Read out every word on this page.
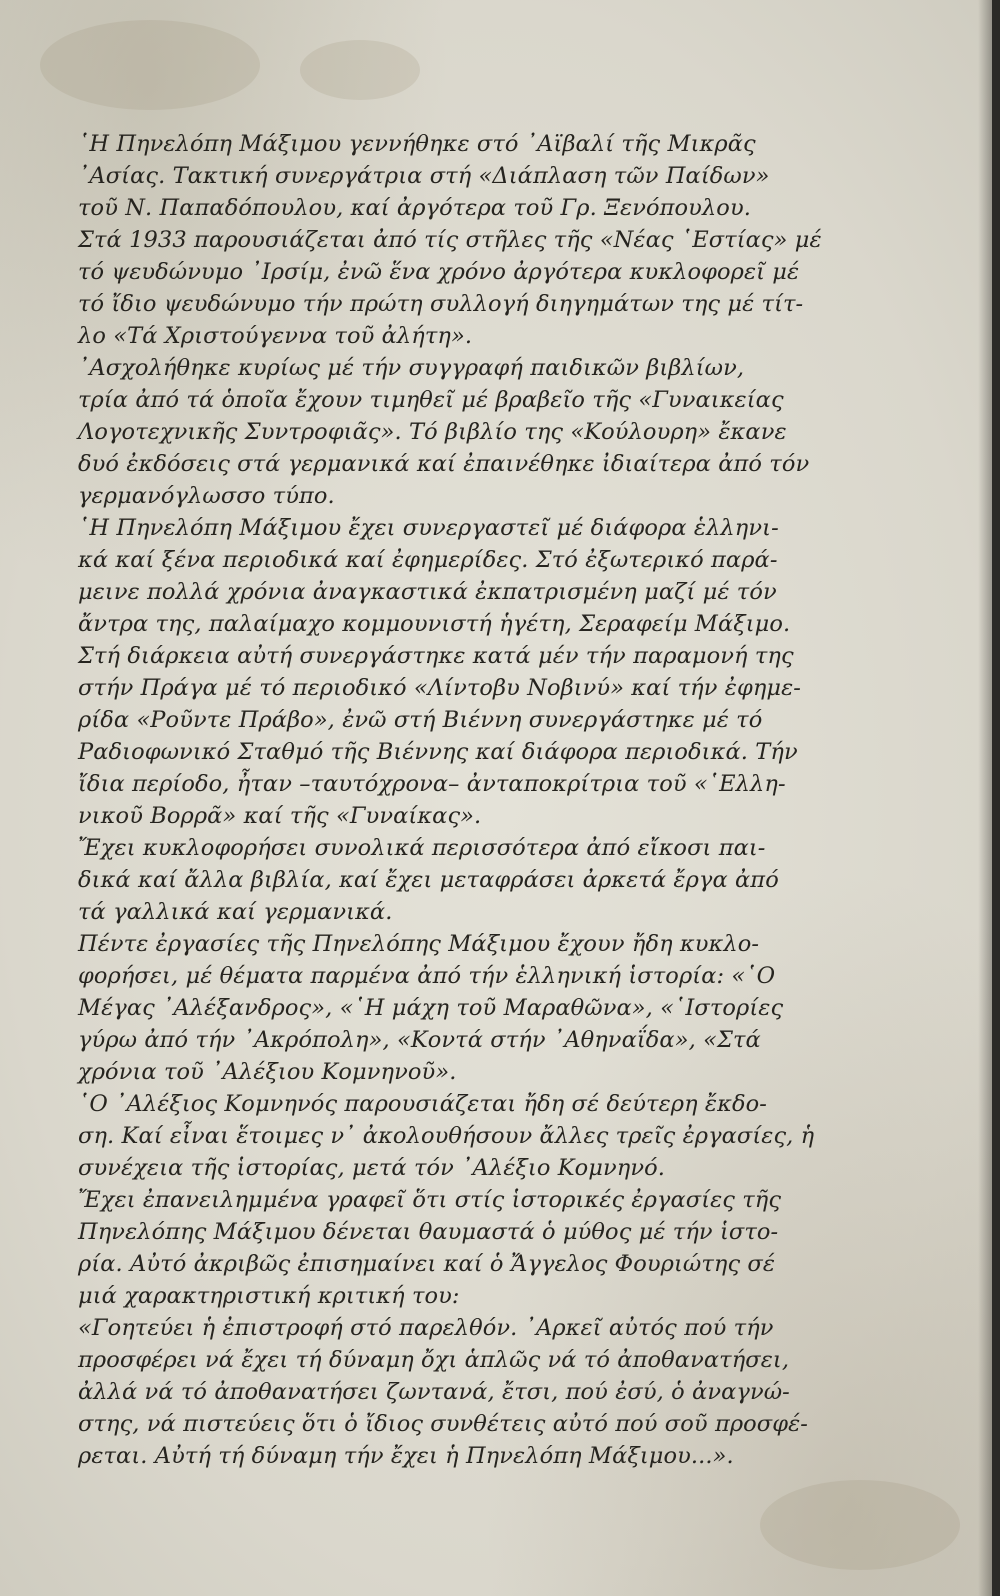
῾Η Πηνελόπη Μάξιμου γεννήθηκε στό ᾽Αϊβαλί τῆς Μικρᾶς
᾽Ασίας. Τακτική συνεργάτρια στή «Διάπλαση τῶν Παίδων»
τοῦ Ν. Παπαδόπουλου, καί ἀργότερα τοῦ Γρ. Ξενόπουλου.
Στά 1933 παρουσιάζεται ἀπό τίς στῆλες τῆς «Νέας ῾Εστίας» μέ
τό ψευδώνυμο ᾽Ιρσίμ, ἐνῶ ἕνα χρόνο ἀργότερα κυκλοφορεῖ μέ
τό ἴδιο ψευδώνυμο τήν πρώτη συλλογή διηγημάτων της μέ τίτ-
λο «Τά Χριστούγεννα τοῦ ἀλήτη».
᾽Ασχολήθηκε κυρίως μέ τήν συγγραφή παιδικῶν βιβλίων,
τρία ἀπό τά ὁποῖα ἔχουν τιμηθεῖ μέ βραβεῖο τῆς «Γυναικείας
Λογοτεχνικῆς Συντροφιᾶς». Τό βιβλίο της «Κούλουρη» ἔκανε
δυό ἐκδόσεις στά γερμανικά καί ἐπαινέθηκε ἰδιαίτερα ἀπό τόν
γερμανόγλωσσο τύπο.
῾Η Πηνελόπη Μάξιμου ἔχει συνεργαστεῖ μέ διάφορα ἑλληνι-
κά καί ξένα περιοδικά καί ἐφημερίδες. Στό ἐξωτερικό παρά-
μεινε πολλά χρόνια ἀναγκαστικά ἐκπατρισμένη μαζί μέ τόν
ἄντρα της, παλαίμαχο κομμουνιστή ἡγέτη, Σεραφείμ Μάξιμο.
Στή διάρκεια αὐτή συνεργάστηκε κατά μέν τήν παραμονή της
στήν Πράγα μέ τό περιοδικό «Λίντοβυ Νοβινύ» καί τήν ἐφημε-
ρίδα «Ροῦντε Πράβο», ἐνῶ στή Βιέννη συνεργάστηκε μέ τό
Ραδιοφωνικό Σταθμό τῆς Βιέννης καί διάφορα περιοδικά. Τήν
ἴδια περίοδο, ἦταν –ταυτόχρονα– ἀνταποκρίτρια τοῦ «῾Ελλη-
νικοῦ Βορρᾶ» καί τῆς «Γυναίκας».
Ἔχει κυκλοφορήσει συνολικά περισσότερα ἀπό εἴκοσι παι-
δικά καί ἄλλα βιβλία, καί ἔχει μεταφράσει ἀρκετά ἔργα ἀπό
τά γαλλικά καί γερμανικά.
Πέντε ἐργασίες τῆς Πηνελόπης Μάξιμου ἔχουν ἤδη κυκλο-
φορήσει, μέ θέματα παρμένα ἀπό τήν ἑλληνική ἱστορία: «῾Ο
Μέγας ᾽Αλέξανδρος», «῾Η μάχη τοῦ Μαραθῶνα», «῾Ιστορίες
γύρω ἀπό τήν ᾽Ακρόπολη», «Κοντά στήν ᾽Αθηναΐδα», «Στά
χρόνια τοῦ ᾽Αλέξιου Κομνηνοῦ».
῾Ο ᾽Αλέξιος Κομνηνός παρουσιάζεται ἤδη σέ δεύτερη ἔκδο-
ση. Καί εἶναι ἕτοιμες ν᾽ ἀκολουθήσουν ἄλλες τρεῖς ἐργασίες, ἡ
συνέχεια τῆς ἱστορίας, μετά τόν ᾽Αλέξιο Κομνηνό.
Ἔχει ἐπανειλημμένα γραφεῖ ὅτι στίς ἱστορικές ἐργασίες τῆς
Πηνελόπης Μάξιμου δένεται θαυμαστά ὁ μύθος μέ τήν ἱστο-
ρία. Αὐτό ἀκριβῶς ἐπισημαίνει καί ὁ Ἄγγελος Φουριώτης σέ
μιά χαρακτηριστική κριτική του:
«Γοητεύει ἡ ἐπιστροφή στό παρελθόν. ᾽Αρκεῖ αὐτός πού τήν
προσφέρει νά ἔχει τή δύναμη ὄχι ἁπλῶς νά τό ἀποθανατήσει,
ἀλλά νά τό ἀποθανατήσει ζωντανά, ἔτσι, πού ἐσύ, ὁ ἀναγνώ-
στης, νά πιστεύεις ὅτι ὁ ἴδιος συνθέτεις αὐτό πού σοῦ προσφέ-
ρεται. Αὐτή τή δύναμη τήν ἔχει ἡ Πηνελόπη Μάξιμου...».
